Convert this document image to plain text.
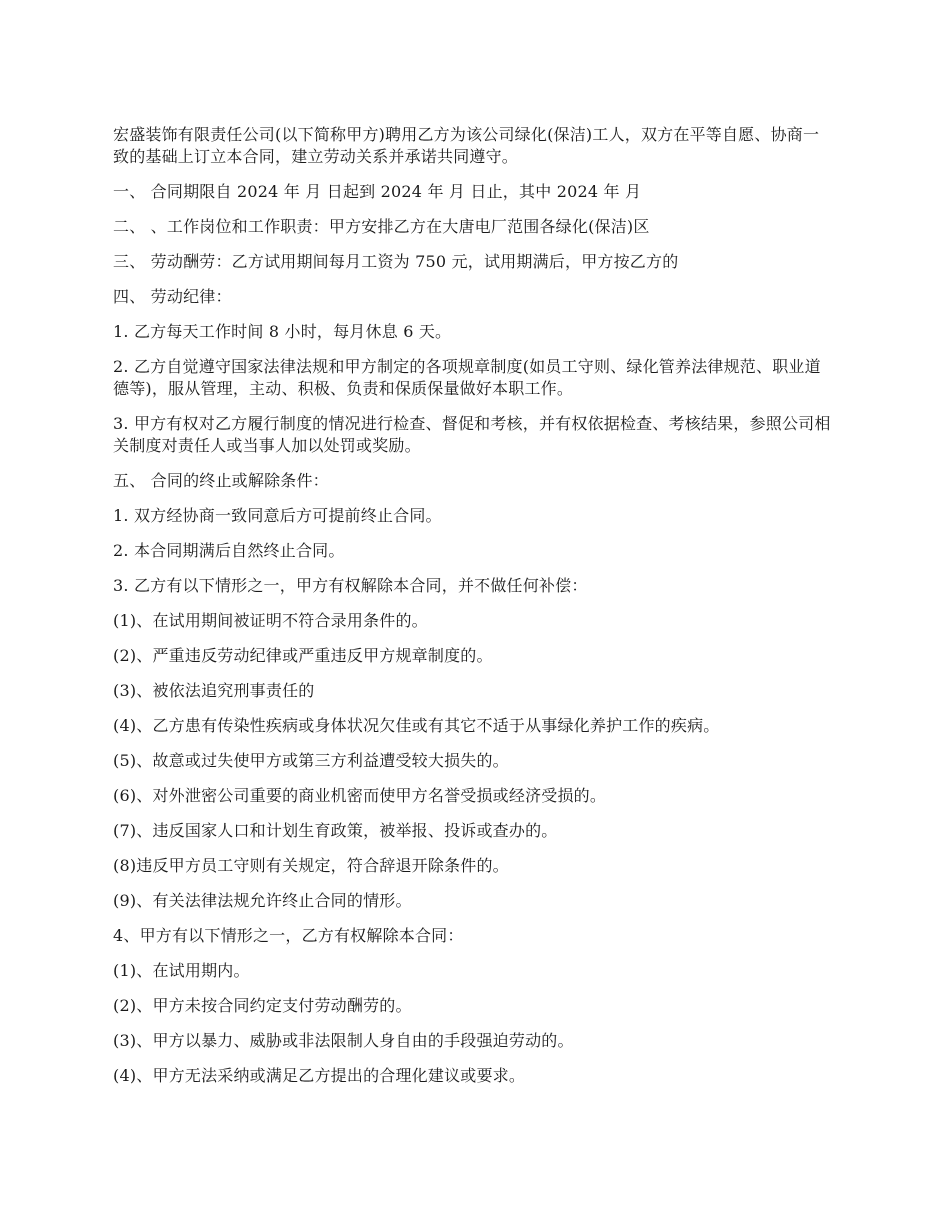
宏盛装饰有限责任公司(以下简称甲方)聘用乙方为该公司绿化(保洁)工人，双方在平等自愿、协商一致的基础上订立本合同，建立劳动关系并承诺共同遵守。

一、 合同期限自 2024 年 月 日起到 2024 年 月 日止，其中 2024 年 月

二、 、工作岗位和工作职责：甲方安排乙方在大唐电厂范围各绿化(保洁)区

三、 劳动酬劳：乙方试用期间每月工资为 750 元，试用期满后，甲方按乙方的

四、 劳动纪律：

1. 乙方每天工作时间 8 小时，每月休息 6 天。

2. 乙方自觉遵守国家法律法规和甲方制定的各项规章制度(如员工守则、绿化管养法律规范、职业道德等)，服从管理，主动、积极、负责和保质保量做好本职工作。

3. 甲方有权对乙方履行制度的情况进行检查、督促和考核，并有权依据检查、考核结果，参照公司相关制度对责任人或当事人加以处罚或奖励。

五、 合同的终止或解除条件：

1. 双方经协商一致同意后方可提前终止合同。

2. 本合同期满后自然终止合同。

3. 乙方有以下情形之一，甲方有权解除本合同，并不做任何补偿：

(1)、在试用期间被证明不符合录用条件的。

(2)、严重违反劳动纪律或严重违反甲方规章制度的。

(3)、被依法追究刑事责任的

(4)、乙方患有传染性疾病或身体状况欠佳或有其它不适于从事绿化养护工作的疾病。

(5)、故意或过失使甲方或第三方利益遭受较大损失的。

(6)、对外泄密公司重要的商业机密而使甲方名誉受损或经济受损的。

(7)、违反国家人口和计划生育政策，被举报、投诉或查办的。

(8)违反甲方员工守则有关规定，符合辞退开除条件的。

(9)、有关法律法规允许终止合同的情形。

4、甲方有以下情形之一，乙方有权解除本合同：

(1)、在试用期内。

(2)、甲方未按合同约定支付劳动酬劳的。

(3)、甲方以暴力、威胁或非法限制人身自由的手段强迫劳动的。

(4)、甲方无法采纳或满足乙方提出的合理化建议或要求。
